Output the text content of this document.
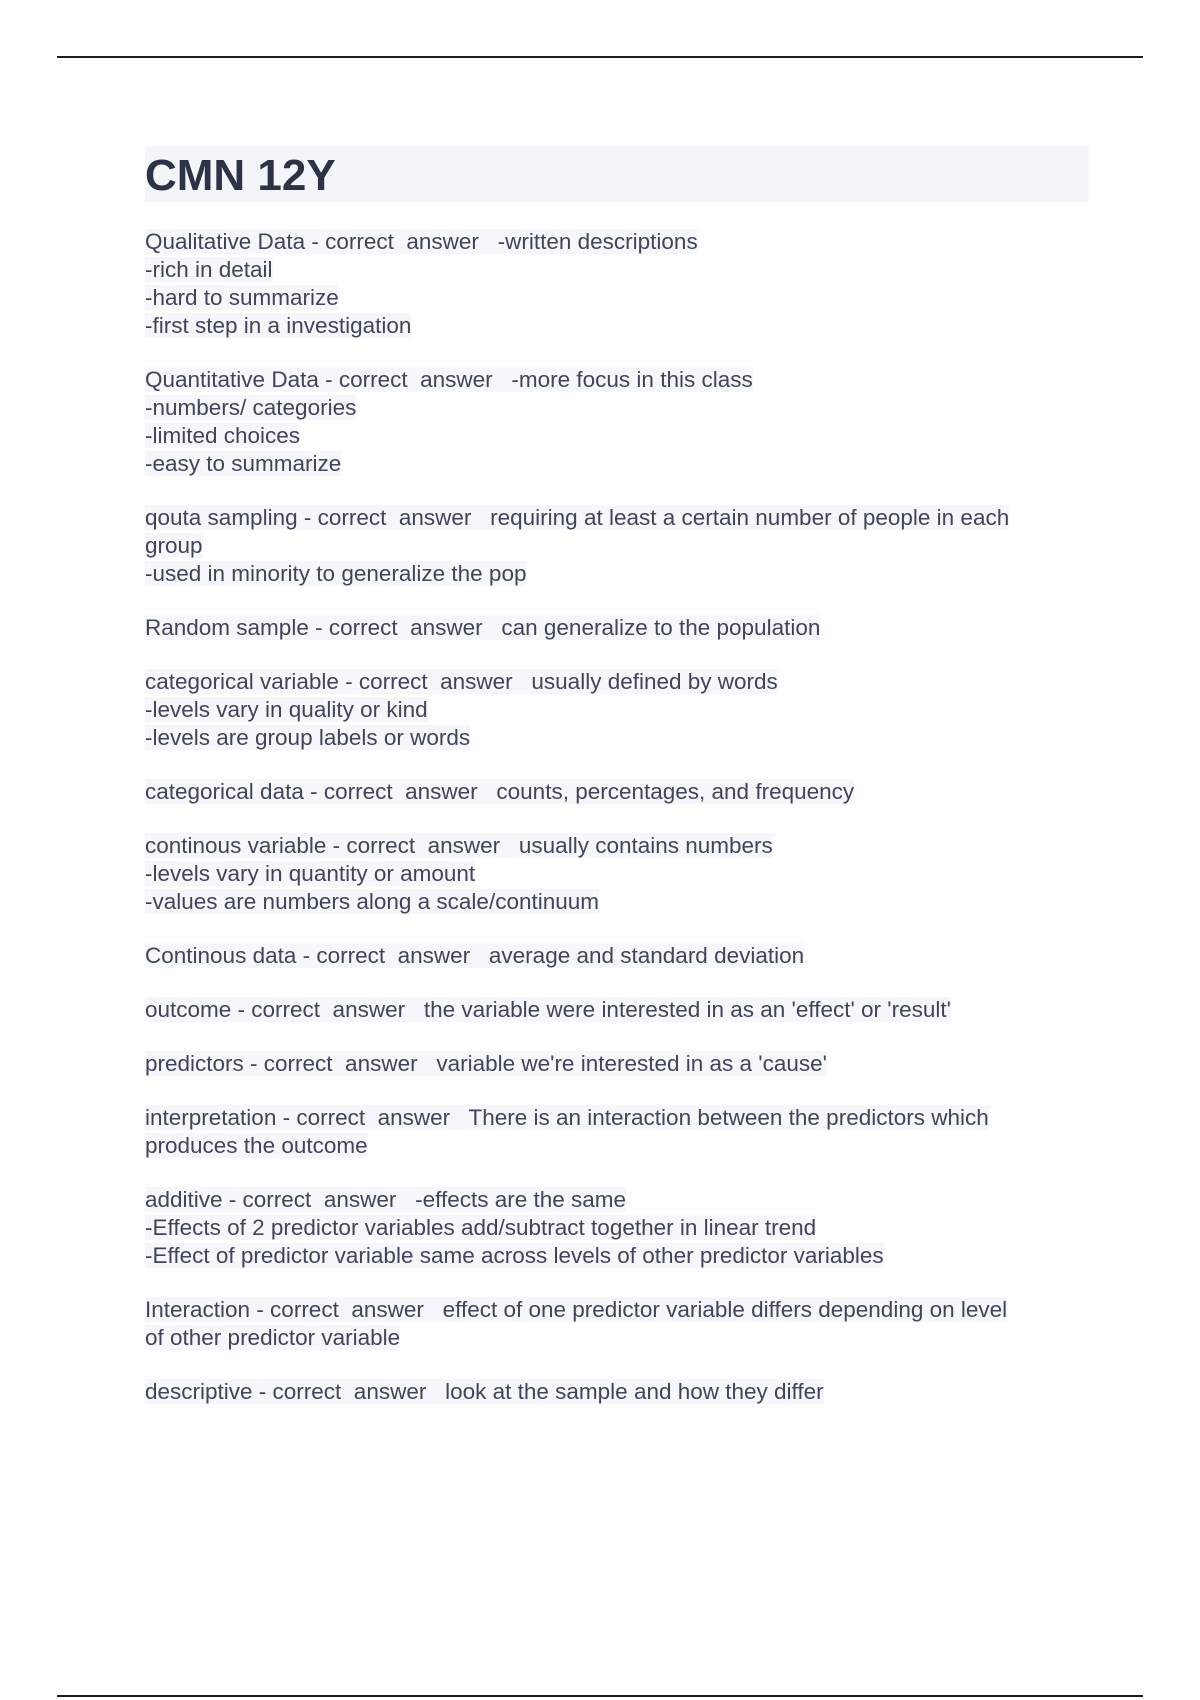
CMN 12Y
Qualitative Data - correct  answer   -written descriptions
-rich in detail
-hard to summarize
-first step in a investigation
Quantitative Data - correct  answer   -more focus in this class
-numbers/ categories
-limited choices
-easy to summarize
qouta sampling - correct  answer   requiring at least a certain number of people in each
group
-used in minority to generalize the pop
Random sample - correct  answer   can generalize to the population
categorical variable - correct  answer   usually defined by words
-levels vary in quality or kind
-levels are group labels or words
categorical data - correct  answer   counts, percentages, and frequency
continous variable - correct  answer   usually contains numbers
-levels vary in quantity or amount
-values are numbers along a scale/continuum
Continous data - correct  answer   average and standard deviation
outcome - correct  answer   the variable were interested in as an 'effect' or 'result'
predictors - correct  answer   variable we're interested in as a 'cause'
interpretation - correct  answer   There is an interaction between the predictors which
produces the outcome
additive - correct  answer   -effects are the same
-Effects of 2 predictor variables add/subtract together in linear trend
-Effect of predictor variable same across levels of other predictor variables
Interaction - correct  answer   effect of one predictor variable differs depending on level
of other predictor variable
descriptive - correct  answer   look at the sample and how they differ
